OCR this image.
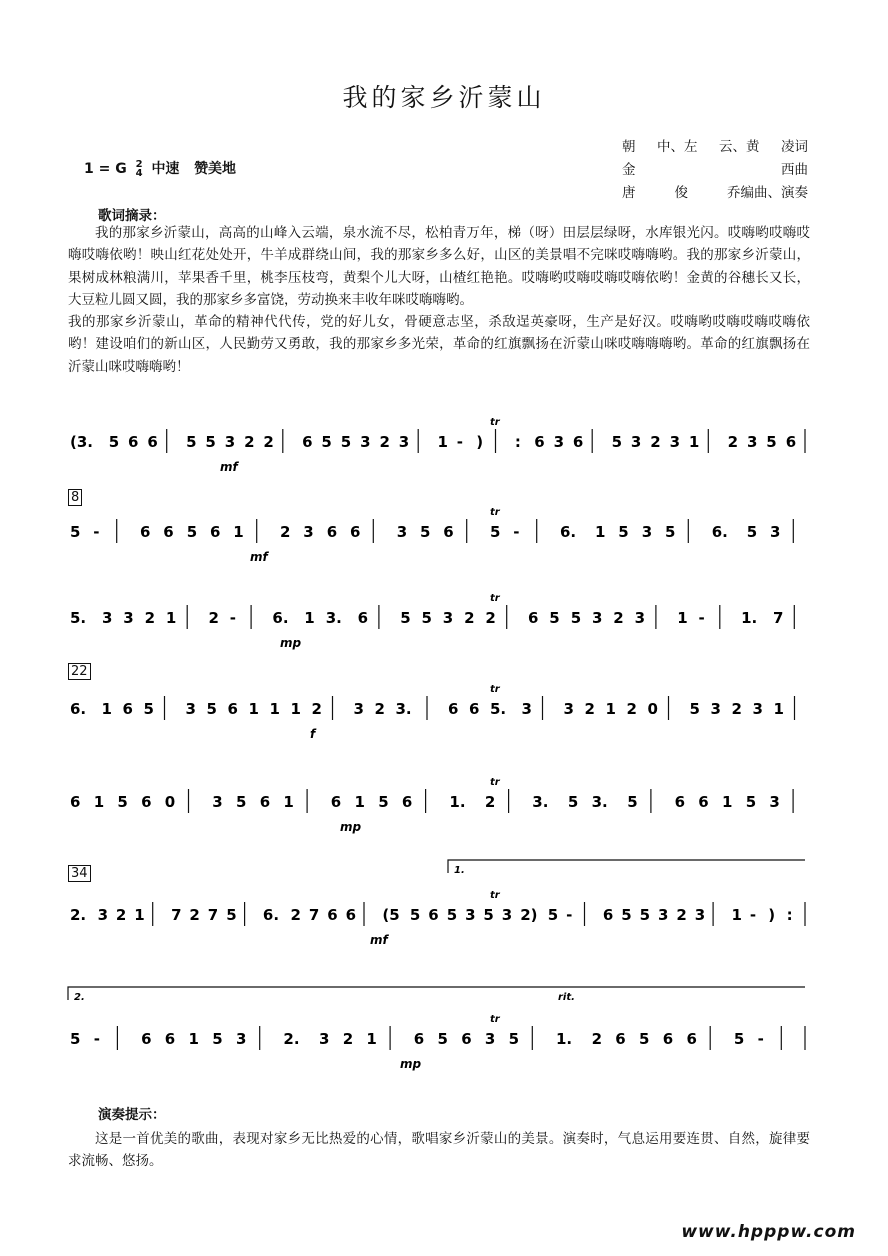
我的家乡沂蒙山
1 = G 2
4 中速 赞美地
朝 中、左 云、黄 凌词
金	西曲
唐	俊	乔编曲、演奏
歌词摘录：

我的那家乡沂蒙山，高高的山峰入云端，泉水流不尽，松柏青万年，梯（呀）田层层绿呀，水库银光闪。哎嗨哟哎嗨哎嗨哎嗨依哟！映山红花处处开，牛羊成群绕山间，我的那家乡多么好，山区的美景唱不完咪哎嗨嗨哟。我的那家乡沂蒙山，果树成林粮满川，苹果香千里，桃李压枝弯，黄梨个儿大呀，山楂红艳艳。哎嗨哟哎嗨哎嗨哎嗨依哟！金黄的谷穗长又长，大豆粒儿圆又圆，我的那家乡多富饶，劳动换来丰收年咪哎嗨嗨哟。

我的那家乡沂蒙山，革命的精神代代传，党的好儿女，骨硬意志坚，杀敌逞英豪呀，生产是好汉。哎嗨哟哎嗨哎嗨哎嗨依哟！建设咱们的新山区，人民勤劳又勇敢，我的那家乡多光荣，革命的红旗飘扬在沂蒙山咪哎嗨嗨嗨哟。革命的红旗飘扬在沂蒙山咪哎嗨嗨哟！

(3. 5 6 6 5 5 3 2 2 6 5 5 3 2 3 1 - ) : 6 3 6 5 3 2 3 1 2 3 5 6
tr
mf
5 -	6 6 5 6 1 2 3 6 6 3 5 6 5 -	6. 1 5 3 5 6. 5 3
tr
mf
5. 3 3 2 1 2 - 6. 1 3. 6 5 5 3 2 2 6 5 5 3 2 3 1 - 1. 7
tr
mp
6. 1 6 5 3 5 6 1 1 1 2 3 2 3. 6 6 5. 3 3 2 1 2 0 5 3 2 3 1
tr
f
6 1 5 6 0 3 5 6 1 6 1 5 6 1. 2 3. 5 3. 5 6 6 1 5 3
tr
mp
2. 3 2 1 7 2 7 5 6. 2 7 6 6 (5 5 6 5 3 5 3 2) 5 - 6 5 5 3 2 3 1 - ) :
tr
mf
5 -	6 6 1 5 3 2. 3 2 1 6 5 6 3 5 1. 2 6 5 6 6 5 -
tr
mp
1.
2.	rit.
8
22
34
演奏提示：
这是一首优美的歌曲，表现对家乡无比热爱的心情，歌唱家乡沂蒙山的美景。演奏时，气息运用要连贯、自然，旋律要求流畅、悠扬。
www.hpppw.com
